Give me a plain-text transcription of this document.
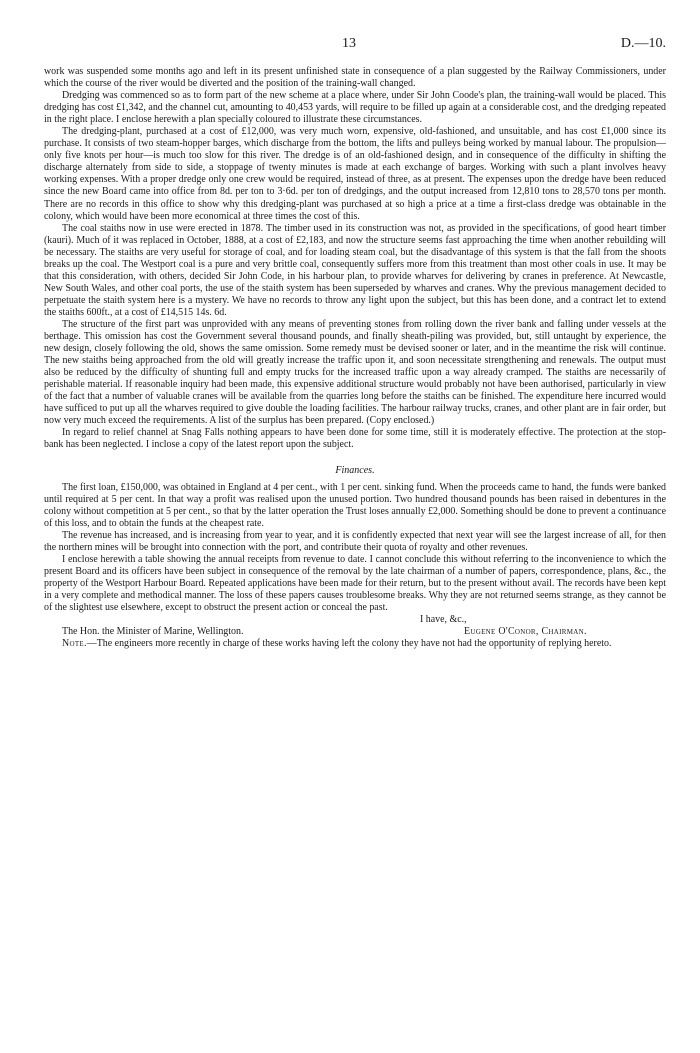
13	D.—10.

work was suspended some months ago and left in its present unfinished state in consequence of a plan suggested by the Railway Commissioners, under which the course of the river would be diverted and the position of the training-wall changed.

Dredging was commenced so as to form part of the new scheme at a place where, under Sir John Coode's plan, the training-wall would be placed. This dredging has cost £1,342, and the channel cut, amounting to 40,453 yards, will require to be filled up again at a considerable cost, and the dredging repeated in the right place. I enclose herewith a plan specially coloured to illustrate these circumstances.

The dredging-plant, purchased at a cost of £12,000, was very much worn, expensive, old-fashioned, and unsuitable, and has cost £1,000 since its purchase. It consists of two steam-hopper barges, which discharge from the bottom, the lifts and pulleys being worked by manual labour. The propulsion—only five knots per hour—is much too slow for this river. The dredge is of an old-fashioned design, and in consequence of the difficulty in shifting the discharge alternately from side to side, a stoppage of twenty minutes is made at each exchange of barges. Working with such a plant involves heavy working expenses. With a proper dredge only one crew would be required, instead of three, as at present. The expenses upon the dredge have been reduced since the new Board came into office from 8d. per ton to 3·6d. per ton of dredgings, and the output increased from 12,810 tons to 28,570 tons per month. There are no records in this office to show why this dredging-plant was purchased at so high a price at a time a first-class dredge was obtainable in the colony, which would have been more economical at three times the cost of this.

The coal staiths now in use were erected in 1878. The timber used in its construction was not, as provided in the specifications, of good heart timber (kauri). Much of it was replaced in October, 1888, at a cost of £2,183, and now the structure seems fast approaching the time when another rebuilding will be necessary. The staiths are very useful for storage of coal, and for loading steam coal, but the disadvantage of this system is that the fall from the shoots breaks up the coal. The Westport coal is a pure and very brittle coal, consequently suffers more from this treatment than most other coals in use. It may be that this consideration, with others, decided Sir John Code, in his harbour plan, to provide wharves for delivering by cranes in preference. At Newcastle, New South Wales, and other coal ports, the use of the staith system has been superseded by wharves and cranes. Why the previous management decided to perpetuate the staith system here is a mystery. We have no records to throw any light upon the subject, but this has been done, and a contract let to extend the staiths 600ft., at a cost of £14,515 14s. 6d.

The structure of the first part was unprovided with any means of preventing stones from rolling down the river bank and falling under vessels at the berthage. This omission has cost the Government several thousand pounds, and finally sheath-piling was provided, but, still untaught by experience, the new design, closely following the old, shows the same omission. Some remedy must be devised sooner or later, and in the meantime the risk will continue. The new staiths being approached from the old will greatly increase the traffic upon it, and soon necessitate strengthening and renewals. The output must also be reduced by the difficulty of shunting full and empty trucks for the increased traffic upon a way already cramped. The staiths are necessarily of perishable material. If reasonable inquiry had been made, this expensive additional structure would probably not have been authorised, particularly in view of the fact that a number of valuable cranes will be available from the quarries long before the staiths can be finished. The expenditure here incurred would have sufficed to put up all the wharves required to give double the loading facilities. The harbour railway trucks, cranes, and other plant are in fair order, but now very much exceed the requirements. A list of the surplus has been prepared. (Copy enclosed.)

In regard to relief channel at Snag Falls nothing appears to have been done for some time, still it is moderately effective. The protection at the stop-bank has been neglected. I inclose a copy of the latest report upon the subject.

Finances.

The first loan, £150,000, was obtained in England at 4 per cent., with 1 per cent. sinking fund. When the proceeds came to hand, the funds were banked until required at 5 per cent. In that way a profit was realised upon the unused portion. Two hundred thousand pounds has been raised in debentures in the colony without competition at 5 per cent., so that by the latter operation the Trust loses annually £2,000. Something should be done to prevent a continuance of this loss, and to obtain the funds at the cheapest rate.

The revenue has increased, and is increasing from year to year, and it is confidently expected that next year will see the largest increase of all, for then the northern mines will be brought into connection with the port, and contribute their quota of royalty and other revenues.

I enclose herewith a table showing the annual receipts from revenue to date. I cannot conclude this without referring to the inconvenience to which the present Board and its officers have been subject in consequence of the removal by the late chairman of a number of papers, correspondence, plans, &c., the property of the Westport Harbour Board. Repeated applications have been made for their return, but to the present without avail. The records have been kept in a very complete and methodical manner. The loss of these papers causes troublesome breaks. Why they are not returned seems strange, as they cannot be of the slightest use elsewhere, except to obstruct the present action or conceal the past.

I have, &c.,
The Hon. the Minister of Marine, Wellington.	Eugene O'Conor, Chairman.

Note.—The engineers more recently in charge of these works having left the colony they have not had the opportunity of replying hereto.
